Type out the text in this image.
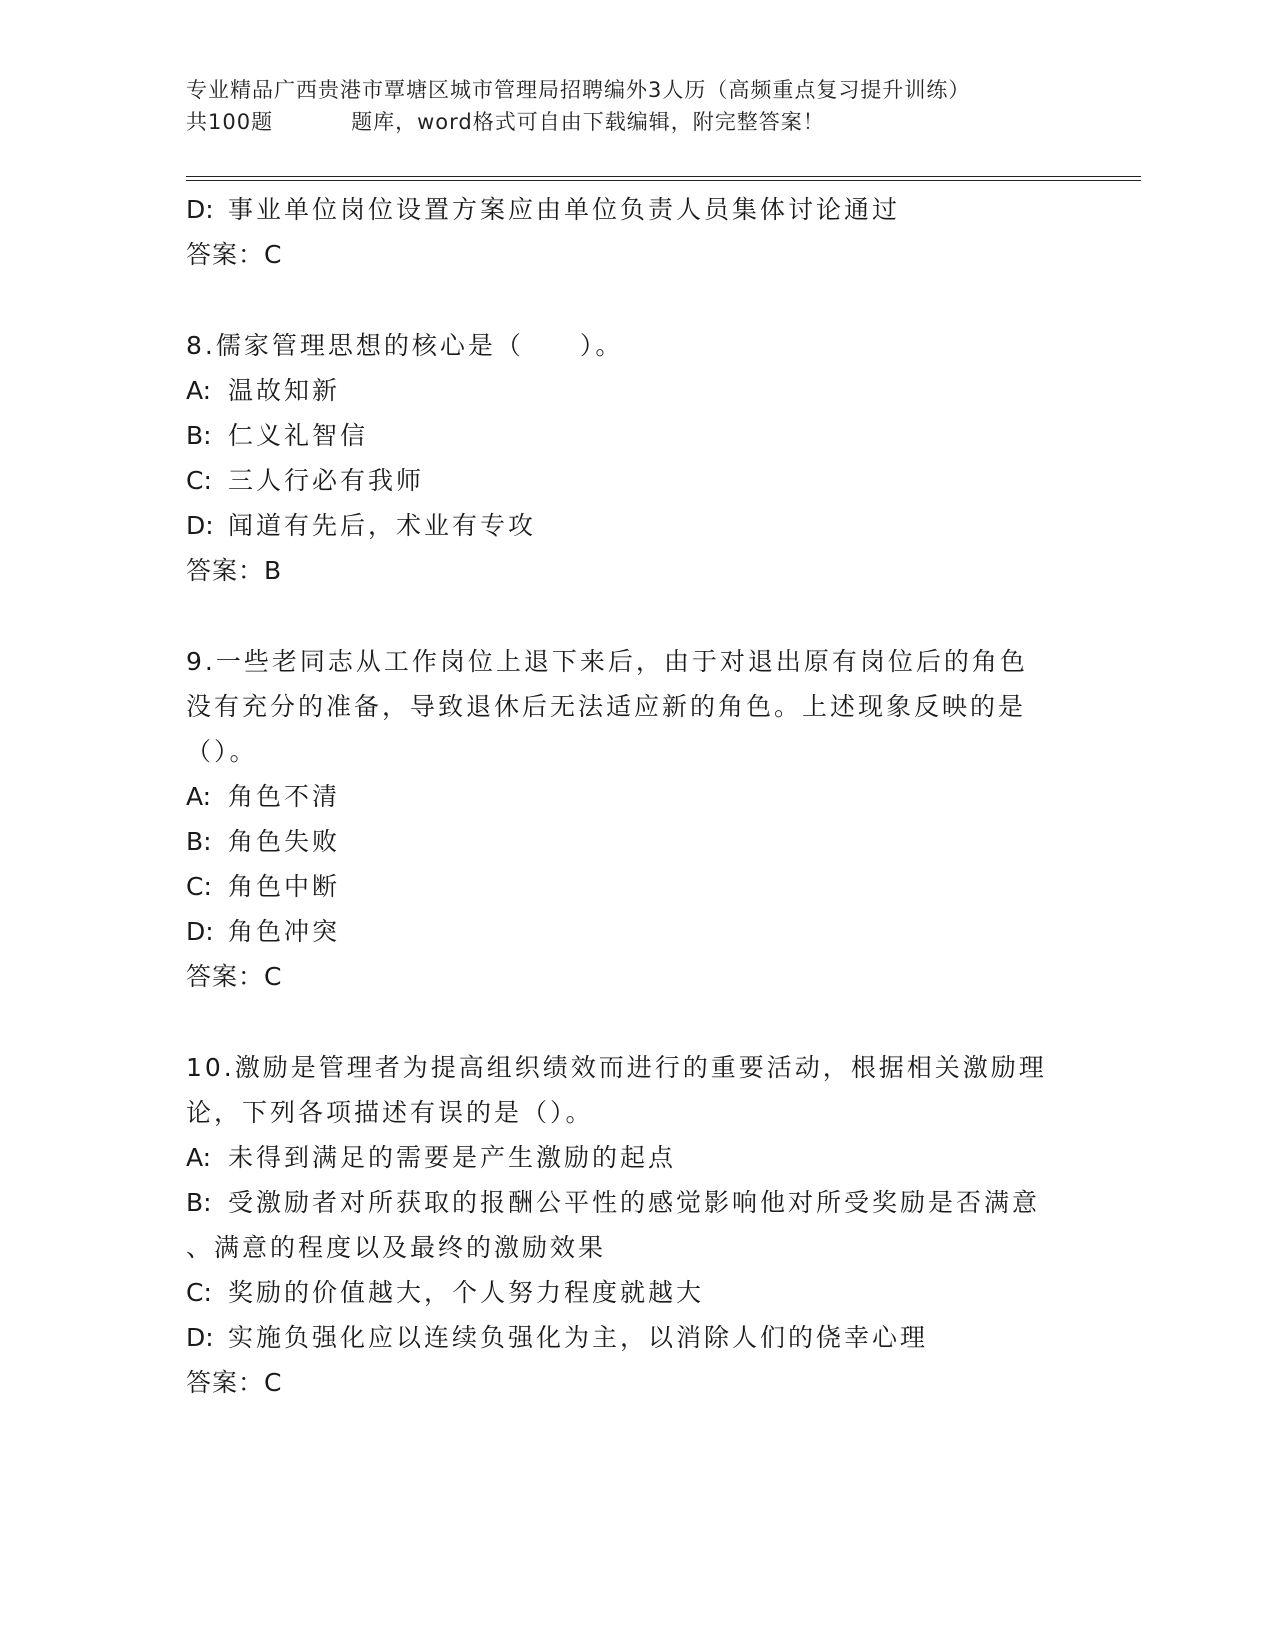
专业精品广西贵港市覃塘区城市管理局招聘编外3人历（高频重点复习提升训练）
共100题	题库，word格式可自由下载编辑，附完整答案！
D: 事业单位岗位设置方案应由单位负责人员集体讨论通过
答案：C
8.儒家管理思想的核心是（　　）。
A: 温故知新
B: 仁义礼智信
C: 三人行必有我师
D: 闻道有先后，术业有专攻
答案：B
9.一些老同志从工作岗位上退下来后，由于对退出原有岗位后的角色
没有充分的准备，导致退休后无法适应新的角色。上述现象反映的是
（）。
A: 角色不清
B: 角色失败
C: 角色中断
D: 角色冲突
答案：C
10.激励是管理者为提高组织绩效而进行的重要活动，根据相关激励理
论，下列各项描述有误的是（）。
A: 未得到满足的需要是产生激励的起点
B: 受激励者对所获取的报酬公平性的感觉影响他对所受奖励是否满意
、满意的程度以及最终的激励效果
C: 奖励的价值越大，个人努力程度就越大
D: 实施负强化应以连续负强化为主，以消除人们的侥幸心理
答案：C
